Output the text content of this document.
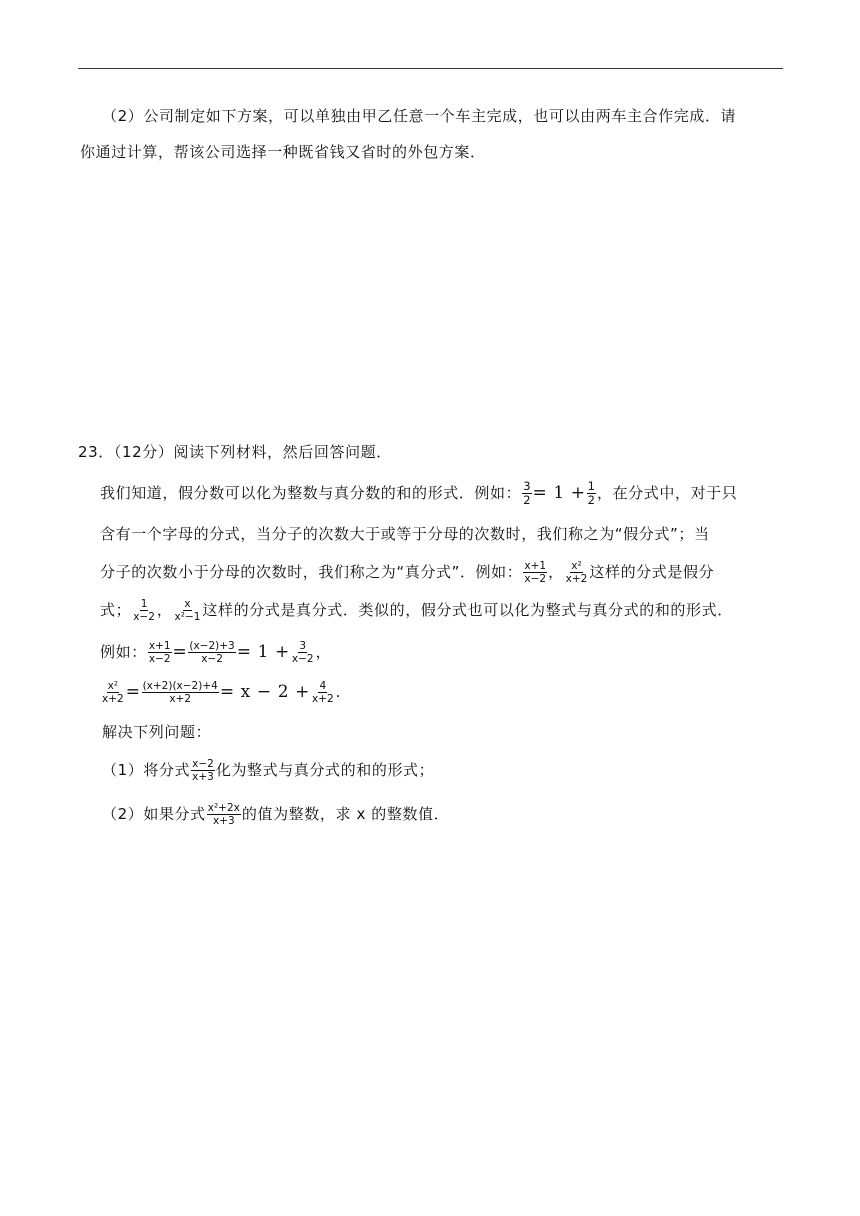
（2）公司制定如下方案，可以单独由甲乙任意一个车主完成，也可以由两车主合作完成．请
你通过计算，帮该公司选择一种既省钱又省时的外包方案．
23．（12分）阅读下列材料，然后回答问题．
我们知道，假分数可以化为整数与真分数的和的形式．例如： $\frac{3}{2} = 1 + \frac{1}{2}$ ，在分式中，对于只
含有一个字母的分式，当分子的次数大于或等于分母的次数时，我们称之为“假分式”；当
分子的次数小于分母的次数时，我们称之为“真分式”．例如： $\frac{x+1}{x-2}$ ， $\frac{\text{x²}}{x+2}$ 这样的分式是假分
式； $\frac{1}{x-2}$ ， $\frac{x}{\text{x²−1}}$ 这样的分式是真分式．类似的，假分式也可以化为整式与真分式的和的形式．
例如： $\frac{x+1}{x-2} = \frac{(x-2)+3}{x-2} = 1 + \frac{3}{x-2}$ ，
$\frac{\text{x²}}{x+2} = \frac{(x+2)(x-2)+4}{x+2} = x - 2 + \frac{4}{x+2}$ .
解决下列问题：
（1）将分式 $\frac{x-2}{x+3}$ 化为整式与真分式的和的形式；
（2）如果分式 $\frac{\text{x²+2x}}{x+3}$ 的值为整数，求 x 的整数值．
